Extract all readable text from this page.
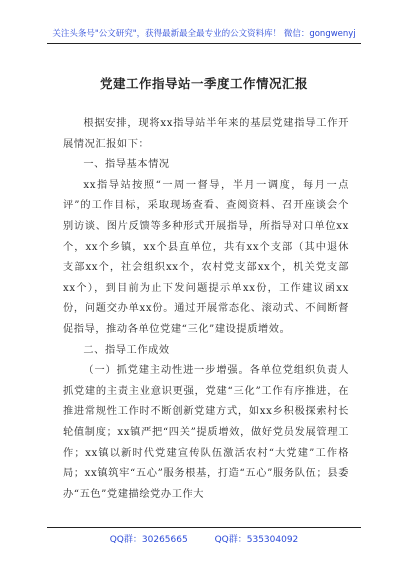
关注头条号"公文研究"，获得最新最全最专业的公文资料库！ 微信：gongwenyj
党建工作指导站一季度工作情况汇报

根据安排，现将xx指导站半年来的基层党建指导工作开展情况汇报如下：

一、指导基本情况

xx指导站按照“一周一督导，半月一调度，每月一点评”的工作目标，采取现场查看、查阅资料、召开座谈会个别访谈、图片反馈等多种形式开展指导，所指导对口单位xx个，xx个乡镇，xx个县直单位，共有xx个支部（其中退休支部xx个，社会组织xx个，农村党支部xx个，机关党支部xx个），到目前为止下发问题提示单xx份，工作建议函xx份，问题交办单xx份。通过开展常态化、滚动式、不间断督促指导，推动各单位党建“三化”建设提质增效。

二、指导工作成效

（一）抓党建主动性进一步增强。各单位党组织负责人抓党建的主责主业意识更强，党建“三化”工作有序推进，在推进常规性工作时不断创新党建方式，如xx乡积极探索村长轮值制度；xx镇严把“四关”提质增效，做好党员发展管理工作；xx镇以新时代党建宣传队伍激活农村“大党建”工作格局；xx镇筑牢“五心”服务根基，打造“五心”服务队伍；县委办“五色”党建描绘党办工作大

QQ群：30265665	QQ群：535304092
